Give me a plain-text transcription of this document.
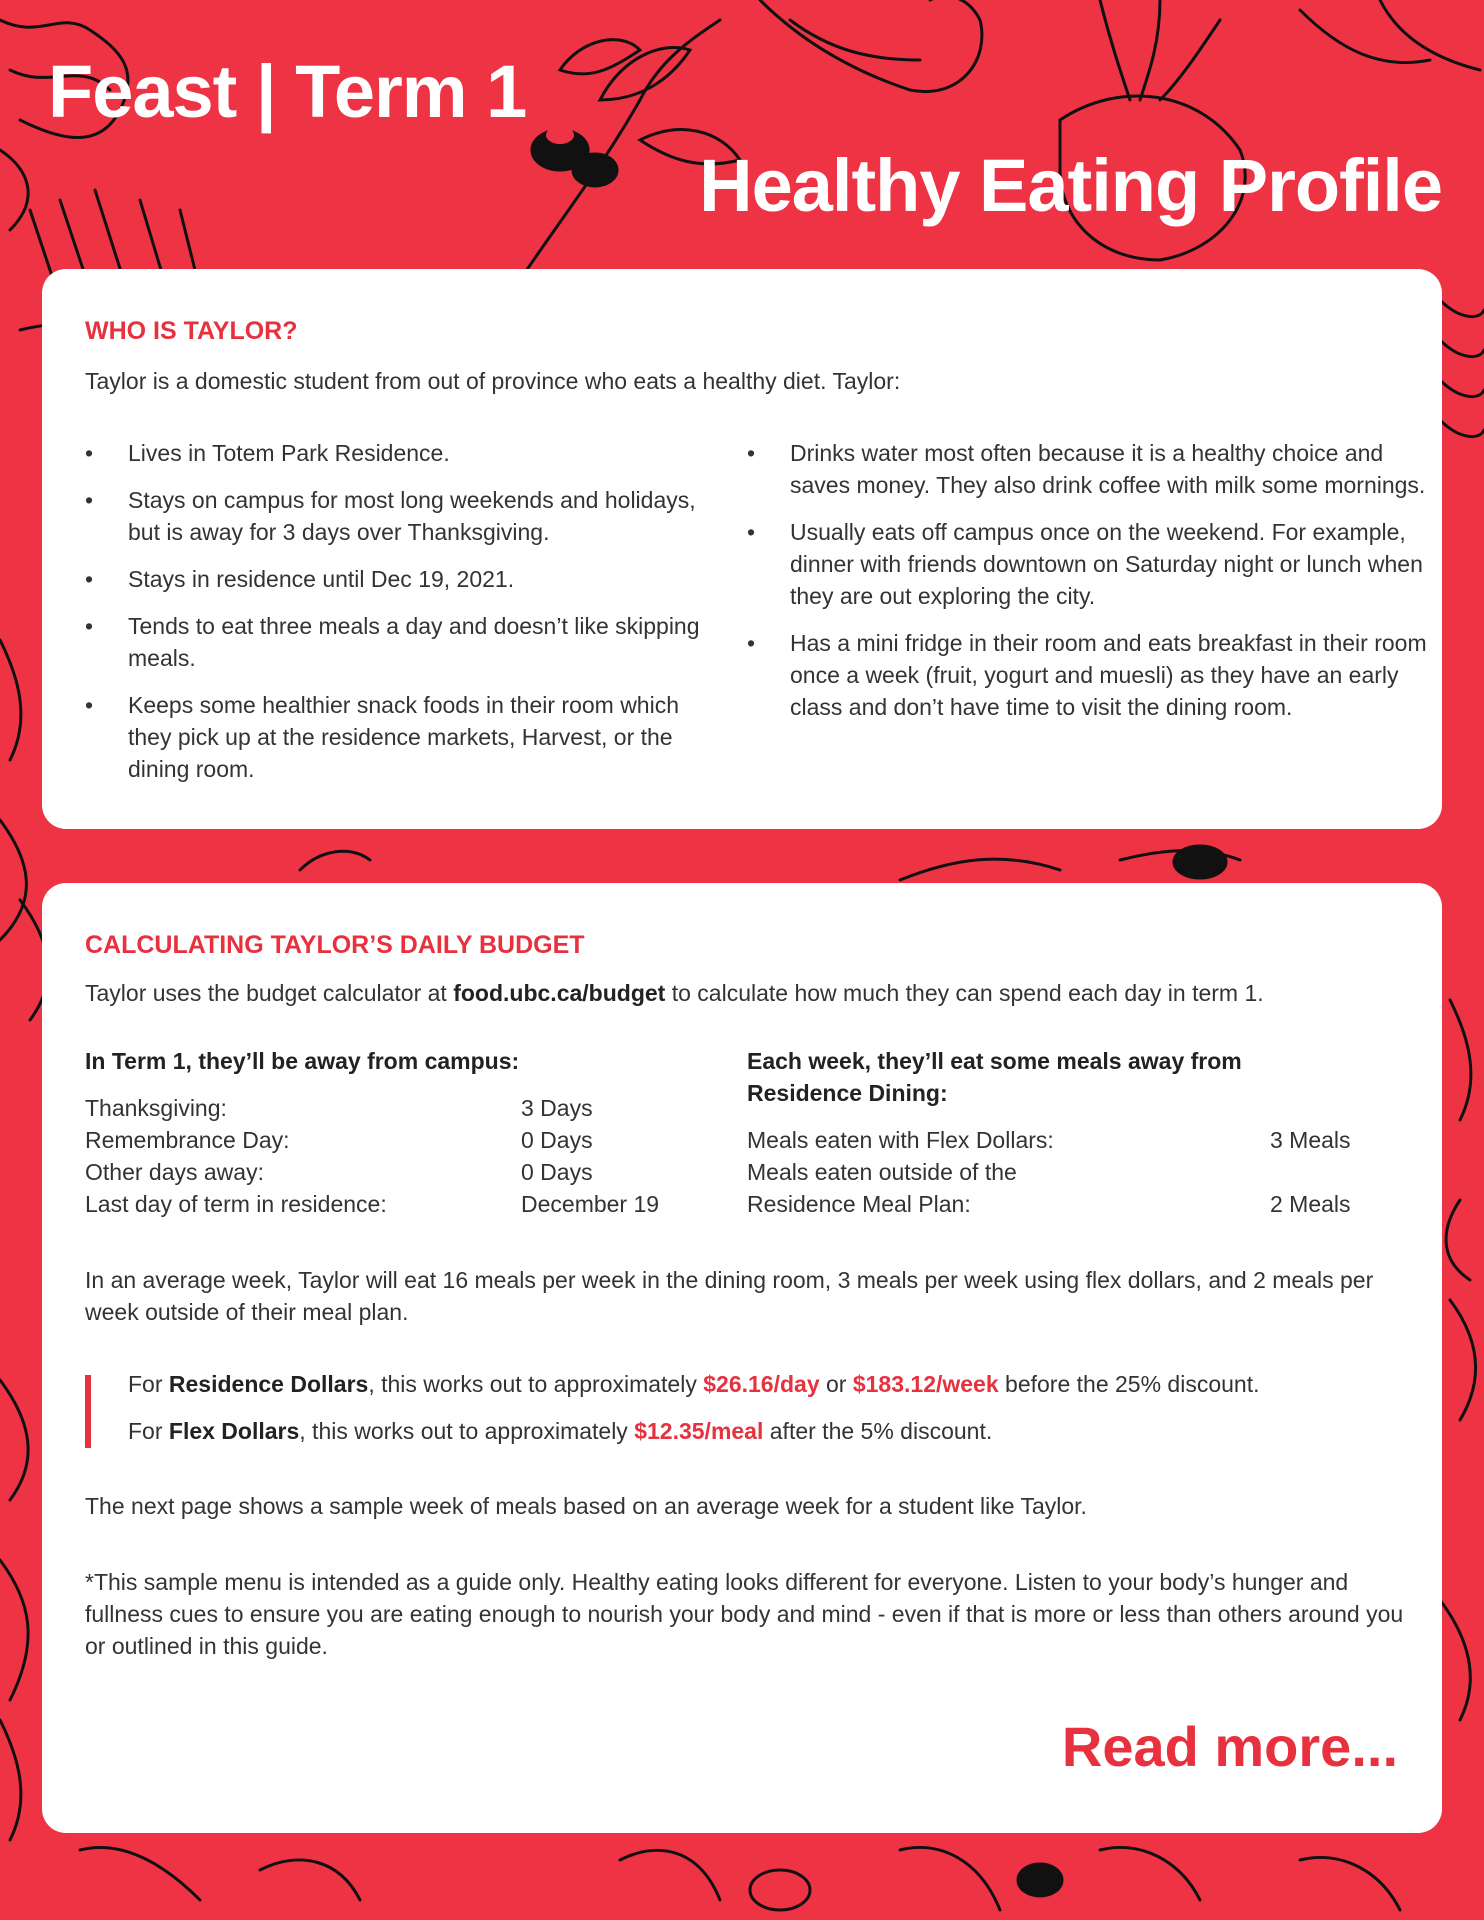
Feast | Term 1
Healthy Eating Profile
WHO IS TAYLOR?

Taylor is a domestic student from out of province who eats a healthy diet. Taylor:

• Lives in Totem Park Residence.
• Stays on campus for most long weekends and holidays, but is away for 3 days over Thanksgiving.
• Stays in residence until Dec 19, 2021.
• Tends to eat three meals a day and doesn’t like skipping meals.
• Keeps some healthier snack foods in their room which they pick up at the residence markets, Harvest, or the dining room.
• Drinks water most often because it is a healthy choice and saves money. They also drink coffee with milk some mornings.
• Usually eats off campus once on the weekend. For example, dinner with friends downtown on Saturday night or lunch when they are out exploring the city.
• Has a mini fridge in their room and eats breakfast in their room once a week (fruit, yogurt and muesli) as they have an early class and don’t have time to visit the dining room.
CALCULATING TAYLOR’S DAILY BUDGET

Taylor uses the budget calculator at food.ubc.ca/budget to calculate how much they can spend each day in term 1.

In Term 1, they’ll be away from campus:

Thanksgiving:	3 Days
Remembrance Day:	0 Days
Other days away:	0 Days
Last day of term in residence:	December 19

Each week, they’ll eat some meals away from Residence Dining:

Meals eaten with Flex Dollars:	3 Meals
Meals eaten outside of the
Residence Meal Plan:	2 Meals

In an average week, Taylor will eat 16 meals per week in the dining room, 3 meals per week using flex dollars, and 2 meals per week outside of their meal plan.

For Residence Dollars, this works out to approximately $26.16/day or $183.12/week before the 25% discount.
For Flex Dollars, this works out to approximately $12.35/meal after the 5% discount.

The next page shows a sample week of meals based on an average week for a student like Taylor.

*This sample menu is intended as a guide only. Healthy eating looks different for everyone. Listen to your body’s hunger and fullness cues to ensure you are eating enough to nourish your body and mind - even if that is more or less than others around you or outlined in this guide.

Read more...
